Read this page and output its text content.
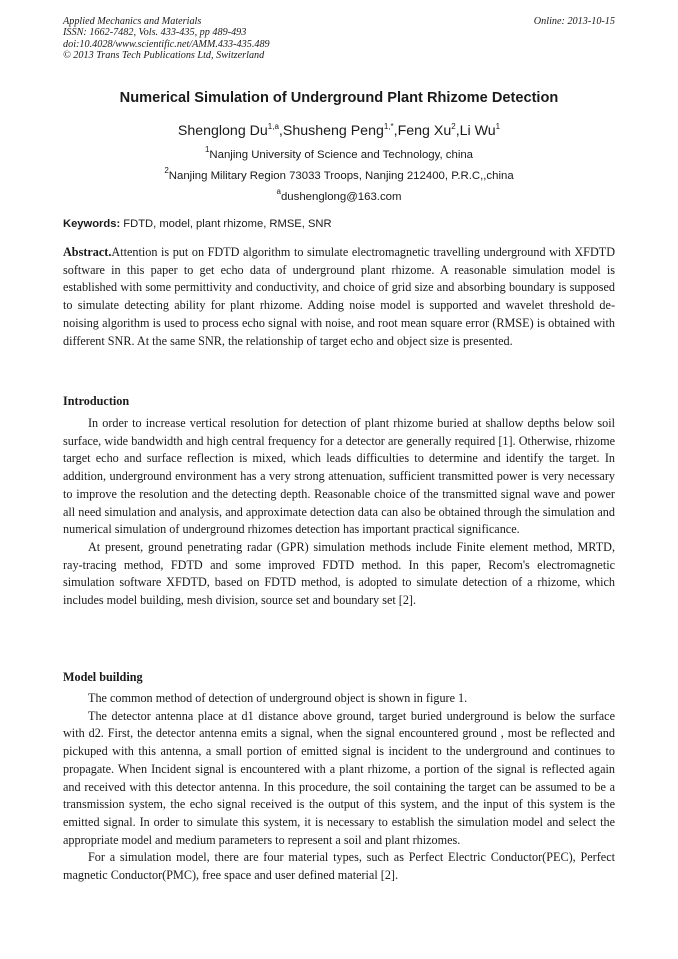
Applied Mechanics and Materials	Online: 2013-10-15
ISSN: 1662-7482, Vols. 433-435, pp 489-493
doi:10.4028/www.scientific.net/AMM.433-435.489
© 2013 Trans Tech Publications Ltd, Switzerland
Numerical Simulation of Underground Plant Rhizome Detection
Shenglong Du$^{1,a}$,Shusheng Peng$^{1,*}$,Feng Xu$^2$,Li Wu$^1$
$^1$Nanjing University of Science and Technology, china
$^2$Nanjing Military Region 73033 Troops, Nanjing 212400, P.R.C,,china
$^a$dushenglong@163.com
Keywords: FDTD, model, plant rhizome, RMSE, SNR
Abstract.Attention is put on FDTD algorithm to simulate electromagnetic travelling underground with XFDTD software in this paper to get echo data of underground plant rhizome. A reasonable simulation model is established with some permittivity and conductivity, and choice of grid size and absorbing boundary is supposed to simulate detecting ability for plant rhizome. Adding noise model is supported and wavelet threshold de-noising algorithm is used to process echo signal with noise, and root mean square error (RMSE) is obtained with different SNR. At the same SNR, the relationship of target echo and object size is presented.
Introduction

In order to increase vertical resolution for detection of plant rhizome buried at shallow depths below soil surface, wide bandwidth and high central frequency for a detector are generally required [1]. Otherwise, rhizome target echo and surface reflection is mixed, which leads difficulties to determine and identify the target. In addition, underground environment has a very strong attenuation, sufficient transmitted power is very necessary to improve the resolution and the detecting depth. Reasonable choice of the transmitted signal wave and power all need simulation and analysis, and approximate detection data can also be obtained through the simulation and numerical simulation of underground rhizomes detection has important practical significance.

At present, ground penetrating radar (GPR) simulation methods include Finite element method, MRTD, ray-tracing method, FDTD and some improved FDTD method. In this paper, Recom's electromagnetic simulation software XFDTD, based on FDTD method, is adopted to simulate detection of a rhizome, which includes model building, mesh division, source set and boundary set [2].

Model building

The common method of detection of underground object is shown in figure 1.

The detector antenna place at d1 distance above ground, target buried underground is below the surface with d2. First, the detector antenna emits a signal, when the signal encountered ground , most be reflected and pickuped with this antenna, a small portion of emitted signal is incident to the underground and continues to propagate. When Incident signal is encountered with a plant rhizome, a portion of the signal is reflected again and received with this detector antenna. In this procedure, the soil containing the target can be assumed to be a transmission system, the echo signal received is the output of this system, and the input of this system is the emitted signal. In order to simulate this system, it is necessary to establish the simulation model and select the appropriate model and medium parameters to represent a soil and plant rhizomes.

For a simulation model, there are four material types, such as Perfect Electric Conductor(PEC), Perfect magnetic Conductor(PMC), free space and user defined material [2].
